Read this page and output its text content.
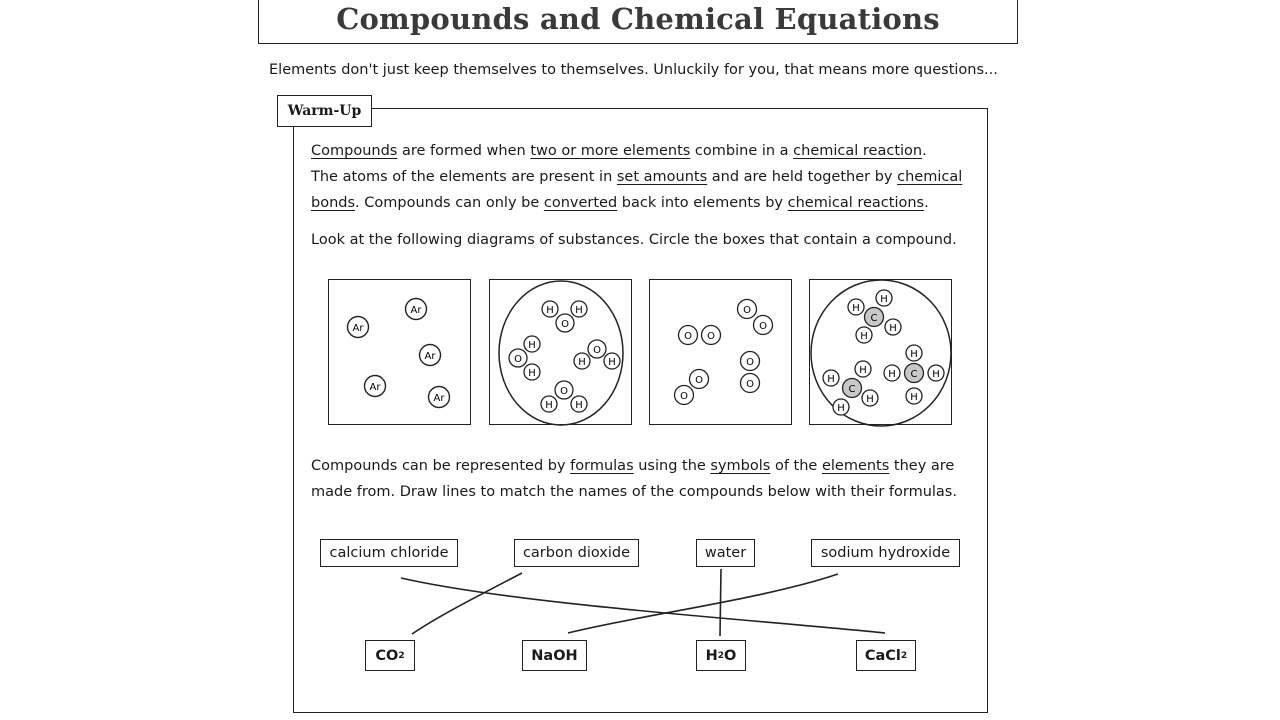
Compounds and Chemical Equations
Elements don't just keep themselves to themselves. Unluckily for you, that means more questions...
Warm-Up
Compounds are formed when two or more elements combine in a chemical reaction.
The atoms of the elements are present in set amounts and are held together by chemical bonds. Compounds can only be converted back into elements by chemical reactions.
Look at the following diagrams of substances. Circle the boxes that contain a compound.
Ar
Ar
Ar
Ar
Ar
H H
O
H
O
H
H
O
H
H
O
H
O O
O
O
O
O
O
O
H
H
C
H
H
H
C
H
H
H
C
H
H	H
H
Compounds can be represented by formulas using the symbols of the elements they are
made from. Draw lines to match the names of the compounds below with their formulas.
calcium chloride	carbon dioxide	water	sodium hydroxide
CO 2	NaOH	H 2 O	CaCl 2
